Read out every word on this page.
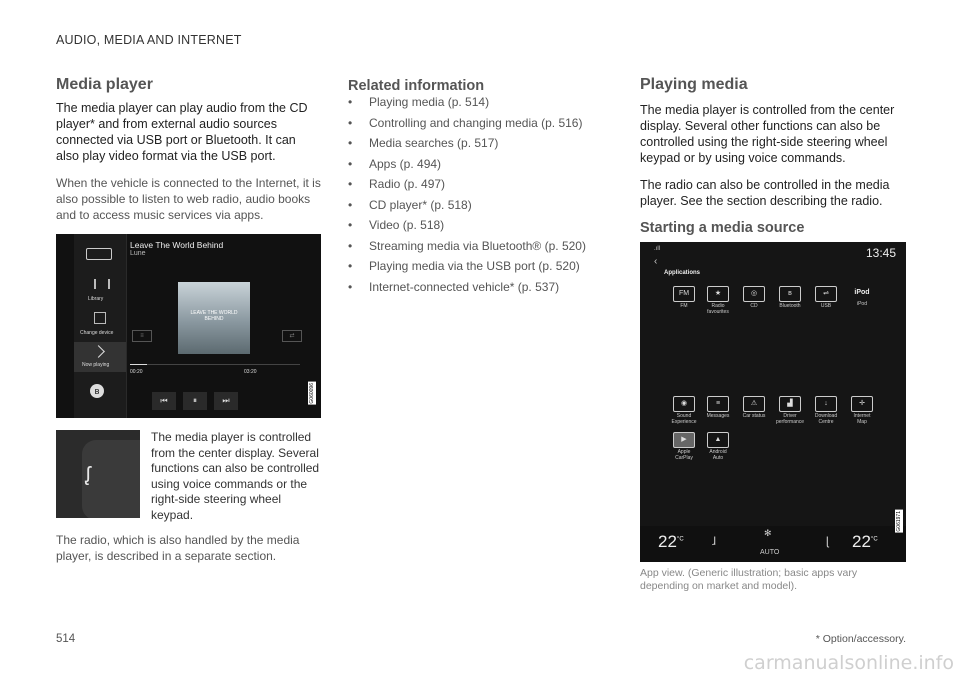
AUDIO, MEDIA AND INTERNET
Media player

The media player can play audio from the CD player* and from external audio sources connected via USB port or Bluetooth. It can also play video format via the USB port.

When the vehicle is connected to the Internet, it is also possible to listen to web radio, audio books and to access music services via apps.

Library
Change device
Now playing
ʙ
Leave The World Behind
Lune
LEAVE THE WORLD BEHIND
≡	⇄
00:20	03:20
⏮	⏸	⏭	G060096
ᶘ

The media player is controlled from the center display. Several functions can also be controlled using voice commands or the right-side steering wheel keypad.

The radio, which is also handled by the media player, is described in a separate section.

Related information
• Playing media (p. 514)
• Controlling and changing media (p. 516)
• Media searches (p. 517)
• Apps (p. 494)
• Radio (p. 497)
• CD player* (p. 518)
• Video (p. 518)
• Streaming media via Bluetooth® (p. 520)
• Playing media via the USB port (p. 520)
• Internet-connected vehicle* (p. 537)
Playing media

The media player is controlled from the center display. Several other functions can also be controlled using the right-side steering wheel keypad or by using voice commands.

The radio can also be controlled in the media player. See the section describing the radio.

Starting a media source
.ıll
‹
13:45
Applications
FM
FM
★
Radio favourites
◎
CD
ʙ
Bluetooth
⇌
USB
iPod
iPod
◉
Sound Experience
≡
Messages
⚠
Car status
▟
Driver performance
↓
Download Centre
✛
Internet Map
▶
Apple CarPlay
▲
Android Auto
$22^{^\circ C}$ ɺ
✻
AUTO
ɭ $22^{^\circ C}$
G061971

App view. (Generic illustration; basic apps vary depending on market and model).

514	* Option/accessory.
carmanualsonline.info
